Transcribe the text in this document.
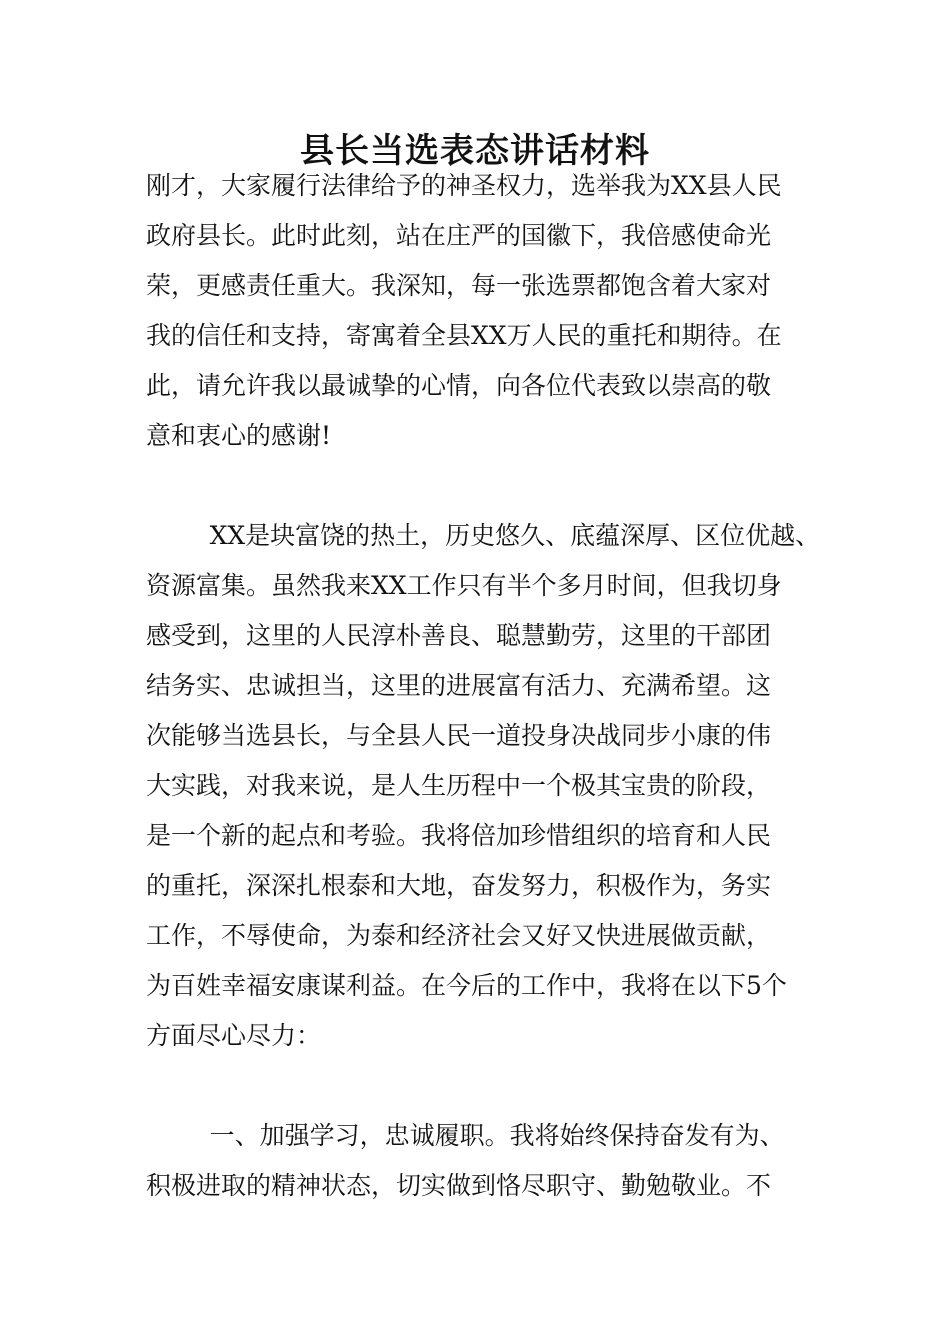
县长当选表态讲话材料
刚才，大家履行法律给予的神圣权力，选举我为XX县人民
政府县长。此时此刻，站在庄严的国徽下，我倍感使命光
荣，更感责任重大。我深知，每一张选票都饱含着大家对
我的信任和支持，寄寓着全县XX万人民的重托和期待。在
此，请允许我以最诚挚的心情，向各位代表致以崇高的敬
意和衷心的感谢!
XX是块富饶的热土，历史悠久、底蕴深厚、区位优越、
资源富集。虽然我来XX工作只有半个多月时间，但我切身
感受到，这里的人民淳朴善良、聪慧勤劳，这里的干部团
结务实、忠诚担当，这里的进展富有活力、充满希望。这
次能够当选县长，与全县人民一道投身决战同步小康的伟
大实践，对我来说，是人生历程中一个极其宝贵的阶段，
是一个新的起点和考验。我将倍加珍惜组织的培育和人民
的重托，深深扎根泰和大地，奋发努力，积极作为，务实
工作，不辱使命，为泰和经济社会又好又快进展做贡献，
为百姓幸福安康谋利益。在今后的工作中，我将在以下5个
方面尽心尽力：
一、加强学习，忠诚履职。我将始终保持奋发有为、
积极进取的精神状态，切实做到恪尽职守、勤勉敬业。不
